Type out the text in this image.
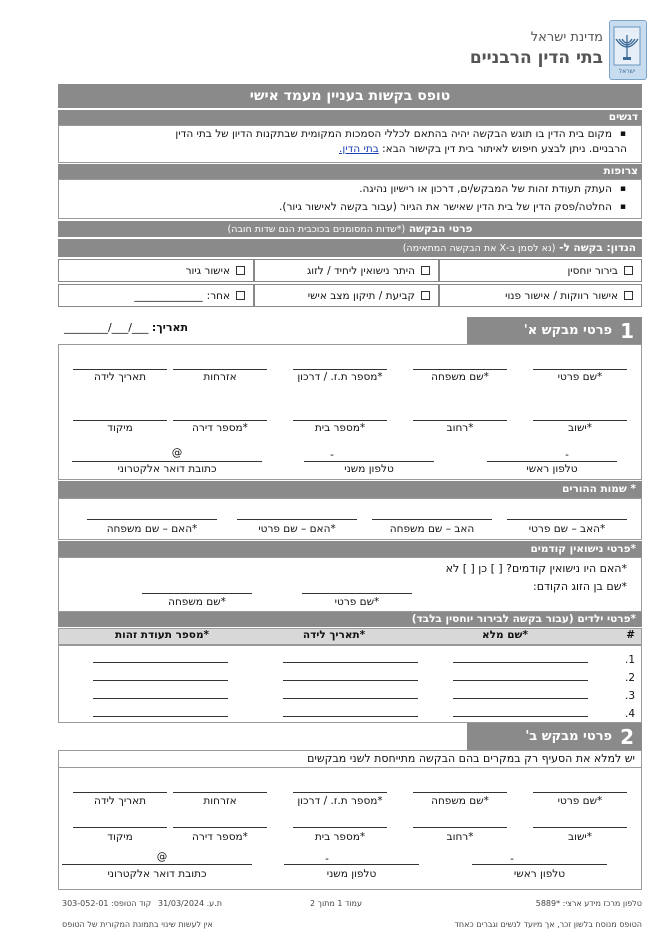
ישראל
מדינת ישראל
בתי הדין הרבניים
טופס בקשות בעניין מעמד אישי
דגשים
▪ מקום בית הדין בו תוגש הבקשה יהיה בהתאם לכללי הסמכות המקומית שבתקנות הדיון של בתי הדין
הרבניים. ניתן לבצע חיפוש לאיתור בית דין בקישור הבא: בתי הדין.
צרופות
▪ העתק תעודת זהות של המבקש/ים, דרכון או רישיון נהיגה.
▪ החלטה/פסק הדין של בית הדין שאישר את הגיור (עבור בקשה לאישור גיור).
פרטי הבקשה (*שדות המסומנים בכוכבית הנם שדות חובה)
הנדון: בקשה ל- (נא לסמן ב-X את הבקשה המתאימה)
בירור יוחסין
היתר נישואין ליחיד / לזוג
אישור גיור
אישור רווקות / אישור פנוי
קביעת / תיקון מצב אישי
אחר:
_____________
תאריך: ___/___/________	1
פרטי מבקש א'
*שם פרטי
*שם משפחה
*מספר ת.ז. / דרכון
אזרחות
תאריך לידה
*ישוב
*רחוב
*מספר בית
*מספר דירה
מיקוד
-
-
@
טלפון ראשי
טלפון משני
כתובת דואר אלקטרוני
* שמות ההורים
*האב – שם פרטי
האב – שם משפחה
*האם – שם פרטי
*האם – שם משפחה
*פרטי נישואין קודמים
*האם היו נישואין קודמים? [ ] כן [ ] לא
*שם בן הזוג הקודם:
*שם פרטי
*שם משפחה
*פרטי ילדים (עבור בקשה לבירור יוחסין בלבד)
#
*שם מלא
*תאריך לידה
*מספר תעודת זהות
1.
2.
3.
4.
2
פרטי מבקש ב'
יש למלא את הסעיף רק במקרים בהם הבקשה מתייחסת לשני מבקשים
*שם פרטי
*שם משפחה
*מספר ת.ז. / דרכון
אזרחות
תאריך לידה
*ישוב
*רחוב
*מספר בית
*מספר דירה
מיקוד
-
-
@
טלפון ראשי
טלפון משני
כתובת דואר אלקטרוני
טלפון מרכז מידע ארצי: *5889
עמוד 1 מתוך 2
ת.ע. 31/03/2024
קוד הטופס: 303-052-01
הטופס מנוסח בלשון זכר, אך מיועד לנשים וגברים כאחד
אין לעשות שינוי בתמונת המקורית של הטופס
